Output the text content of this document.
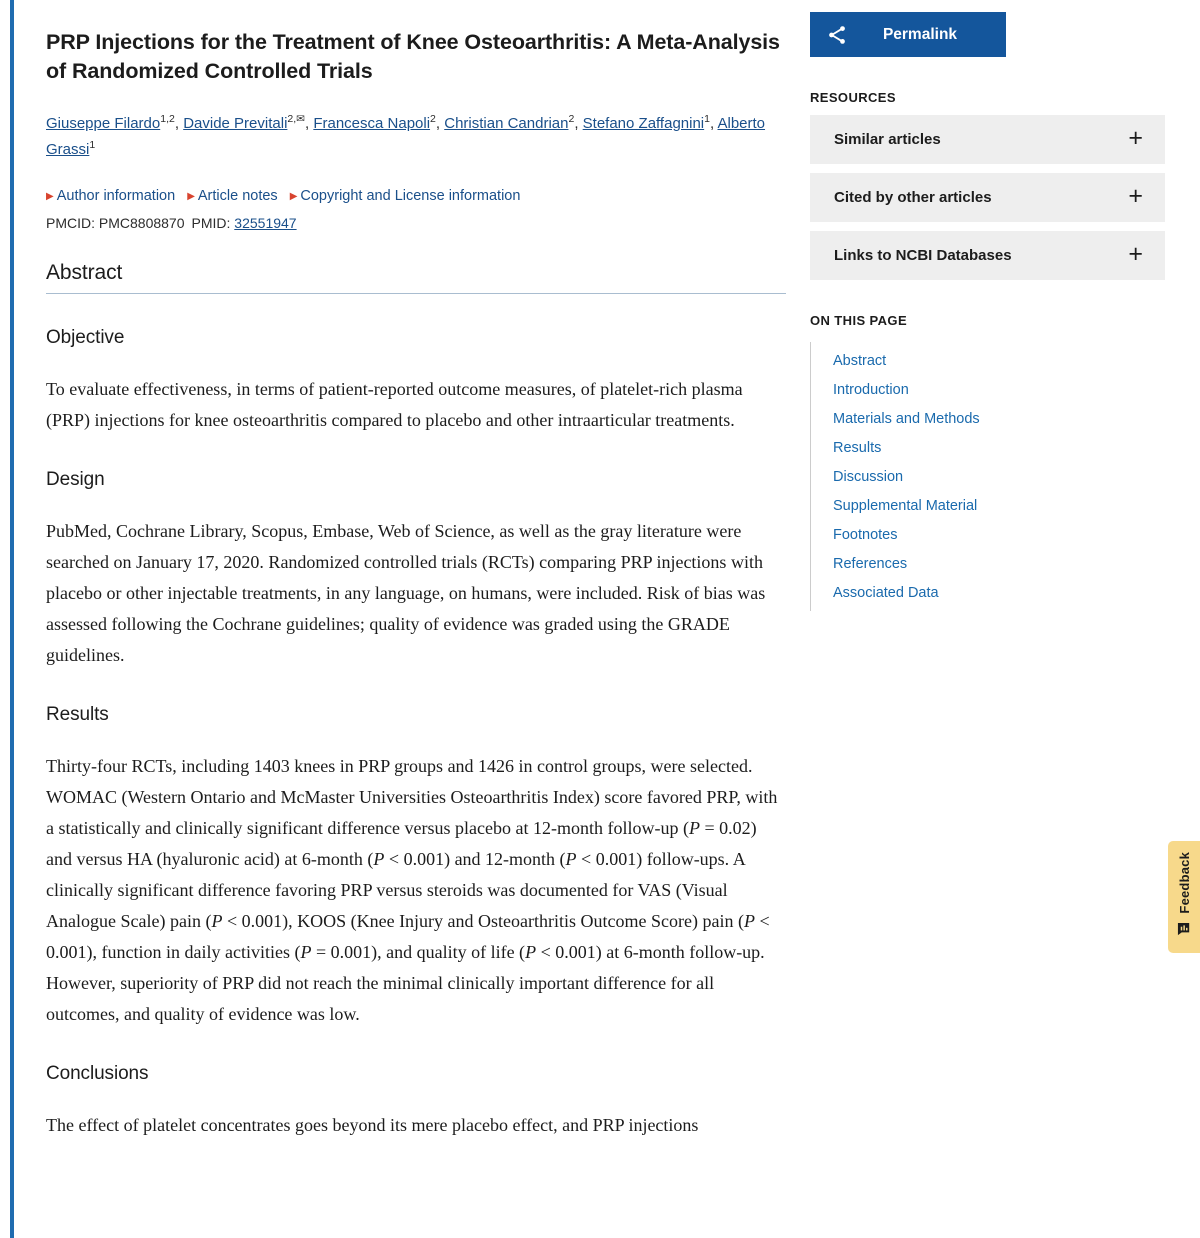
PRP Injections for the Treatment of Knee Osteoarthritis: A Meta-Analysis of Randomized Controlled Trials
Giuseppe Filardo$^{1,2}$, Davide Previtali$^{2,✉}$, Francesca Napoli$^2$, Christian Candrian$^2$, Stefano Zaffagnini$^1$, Alberto Grassi$^1$
▶ Author information ▶ Article notes ▶ Copyright and License information
PMCID: PMC8808870 PMID: 32551947
Abstract
Objective

To evaluate effectiveness, in terms of patient-reported outcome measures, of platelet-rich plasma (PRP) injections for knee osteoarthritis compared to placebo and other intraarticular treatments.

Design

PubMed, Cochrane Library, Scopus, Embase, Web of Science, as well as the gray literature were searched on January 17, 2020. Randomized controlled trials (RCTs) comparing PRP injections with placebo or other injectable treatments, in any language, on humans, were included. Risk of bias was assessed following the Cochrane guidelines; quality of evidence was graded using the GRADE guidelines.

Results

Thirty-four RCTs, including 1403 knees in PRP groups and 1426 in control groups, were selected. WOMAC (Western Ontario and McMaster Universities Osteoarthritis Index) score favored PRP, with a statistically and clinically significant difference versus placebo at 12-month follow-up (P = 0.02) and versus HA (hyaluronic acid) at 6-month (P < 0.001) and 12-month (P < 0.001) follow-ups. A clinically significant difference favoring PRP versus steroids was documented for VAS (Visual Analogue Scale) pain (P < 0.001), KOOS (Knee Injury and Osteoarthritis Outcome Score) pain (P < 0.001), function in daily activities (P = 0.001), and quality of life (P < 0.001) at 6-month follow-up. However, superiority of PRP did not reach the minimal clinically important difference for all outcomes, and quality of evidence was low.

Conclusions

The effect of platelet concentrates goes beyond its mere placebo effect, and PRP injections

Permalink
RESOURCES
Similar articles	+
Cited by other articles	+
Links to NCBI Databases	+
ON THIS PAGE
Abstract
Introduction
Materials and Methods
Results
Discussion
Supplemental Material
Footnotes
References
Associated Data
Feedback
